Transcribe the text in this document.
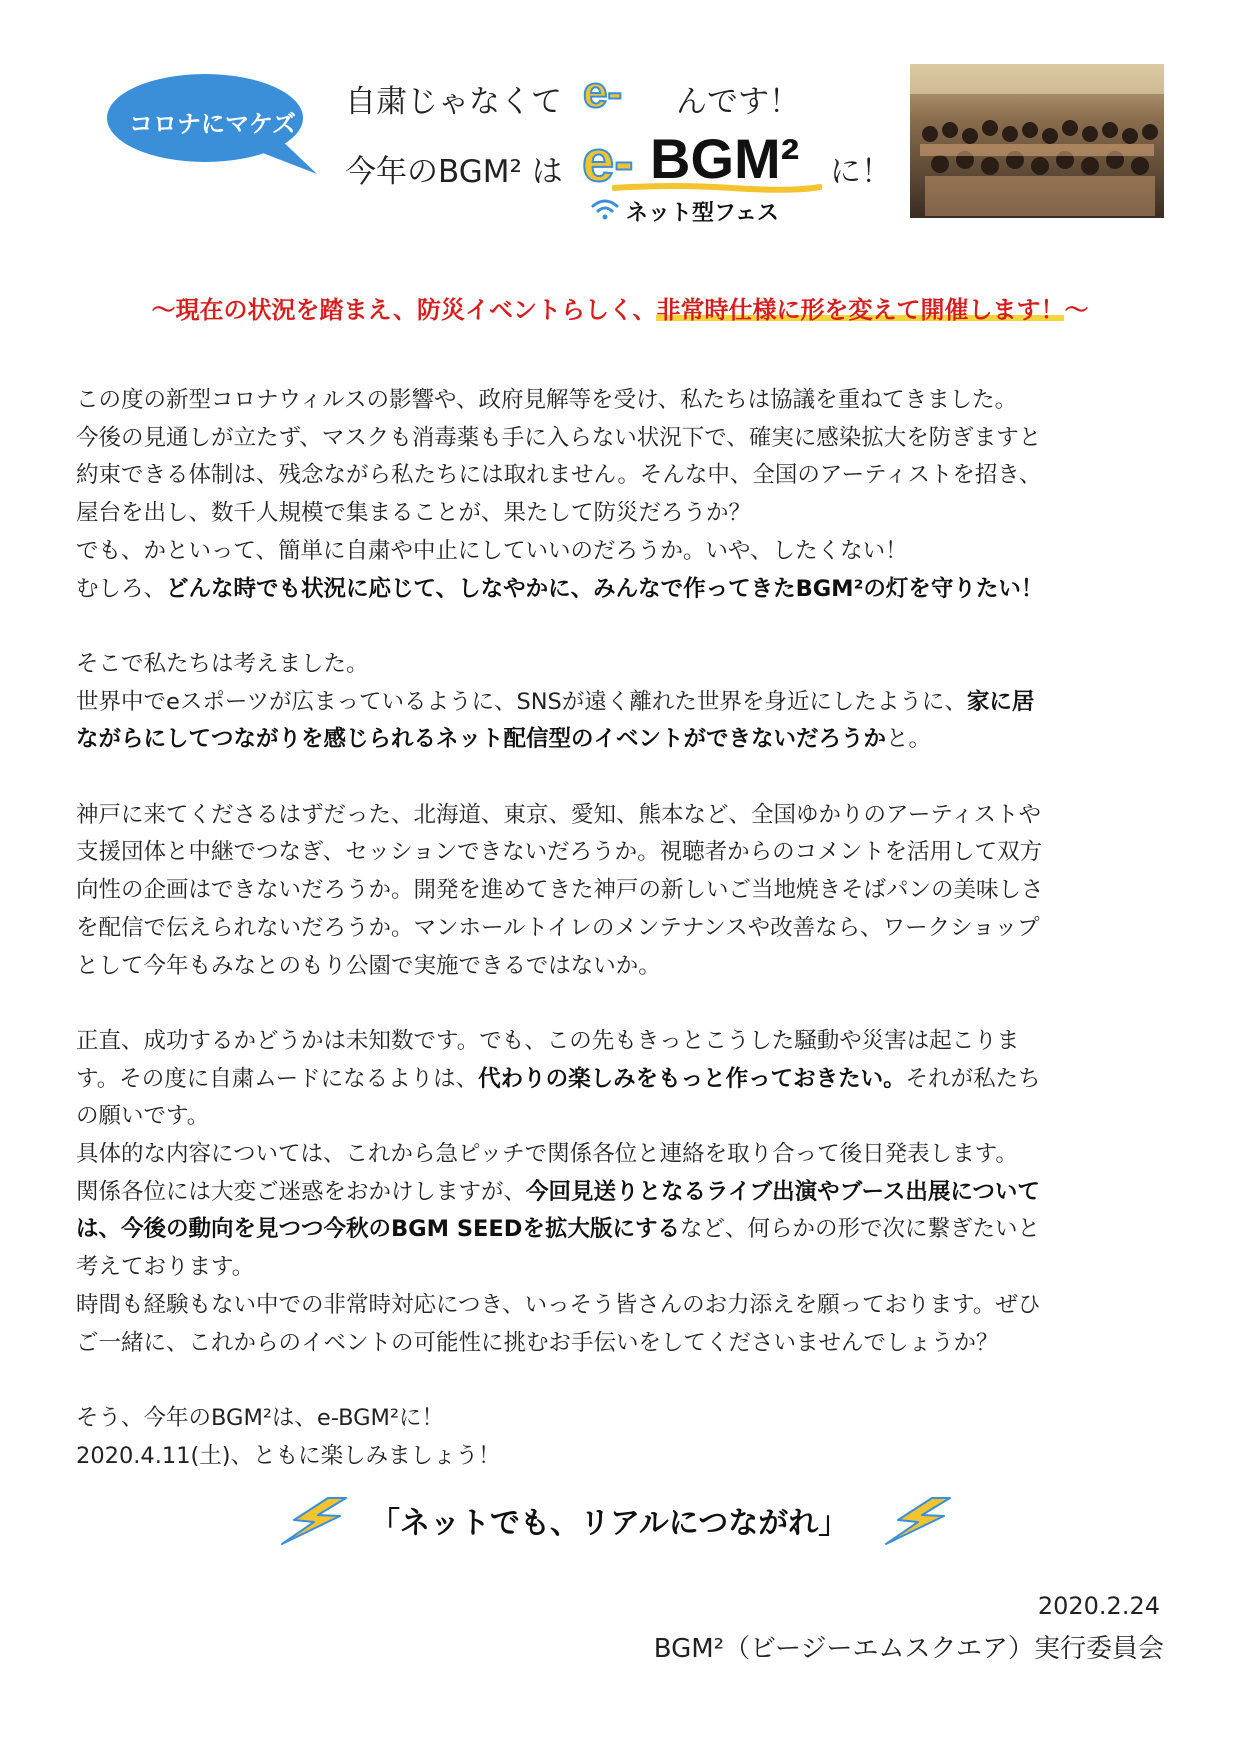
コロナにマケズ
自粛じゃなくて e- んです！
今年のBGM² は e- BGM²
ネット型フェス
に！
～現在の状況を踏まえ、防災イベントらしく、非常時仕様に形を変えて開催します！～

この度の新型コロナウィルスの影響や、政府見解等を受け、私たちは協議を重ねてきました。

今後の見通しが立たず、マスクも消毒薬も手に入らない状況下で、確実に感染拡大を防ぎますと

約束できる体制は、残念ながら私たちには取れません。そんな中、全国のアーティストを招き、

屋台を出し、数千人規模で集まることが、果たして防災だろうか？

でも、かといって、簡単に自粛や中止にしていいのだろうか。いや、したくない！

むしろ、どんな時でも状況に応じて、しなやかに、みんなで作ってきたBGM²の灯を守りたい！

そこで私たちは考えました。

世界中でeスポーツが広まっているように、SNSが遠く離れた世界を身近にしたように、家に居

ながらにしてつながりを感じられるネット配信型のイベントができないだろうかと。

神戸に来てくださるはずだった、北海道、東京、愛知、熊本など、全国ゆかりのアーティストや

支援団体と中継でつなぎ、セッションできないだろうか。視聴者からのコメントを活用して双方

向性の企画はできないだろうか。開発を進めてきた神戸の新しいご当地焼きそばパンの美味しさ

を配信で伝えられないだろうか。マンホールトイレのメンテナンスや改善なら、ワークショップ

として今年もみなとのもり公園で実施できるではないか。

正直、成功するかどうかは未知数です。でも、この先もきっとこうした騒動や災害は起こりま

す。その度に自粛ムードになるよりは、代わりの楽しみをもっと作っておきたい。それが私たち

の願いです。

具体的な内容については、これから急ピッチで関係各位と連絡を取り合って後日発表します。

関係各位には大変ご迷惑をおかけしますが、今回見送りとなるライブ出演やブース出展について

は、今後の動向を見つつ今秋のBGM SEEDを拡大版にするなど、何らかの形で次に繋ぎたいと

考えております。

時間も経験もない中での非常時対応につき、いっそう皆さんのお力添えを願っております。ぜひ

ご一緒に、これからのイベントの可能性に挑むお手伝いをしてくださいませんでしょうか？

そう、今年のBGM²は、e-BGM²に！

2020.4.11(土)、ともに楽しみましょう！

「ネットでも、リアルにつながれ」
2020.2.24
BGM²（ビージーエムスクエア）実行委員会
